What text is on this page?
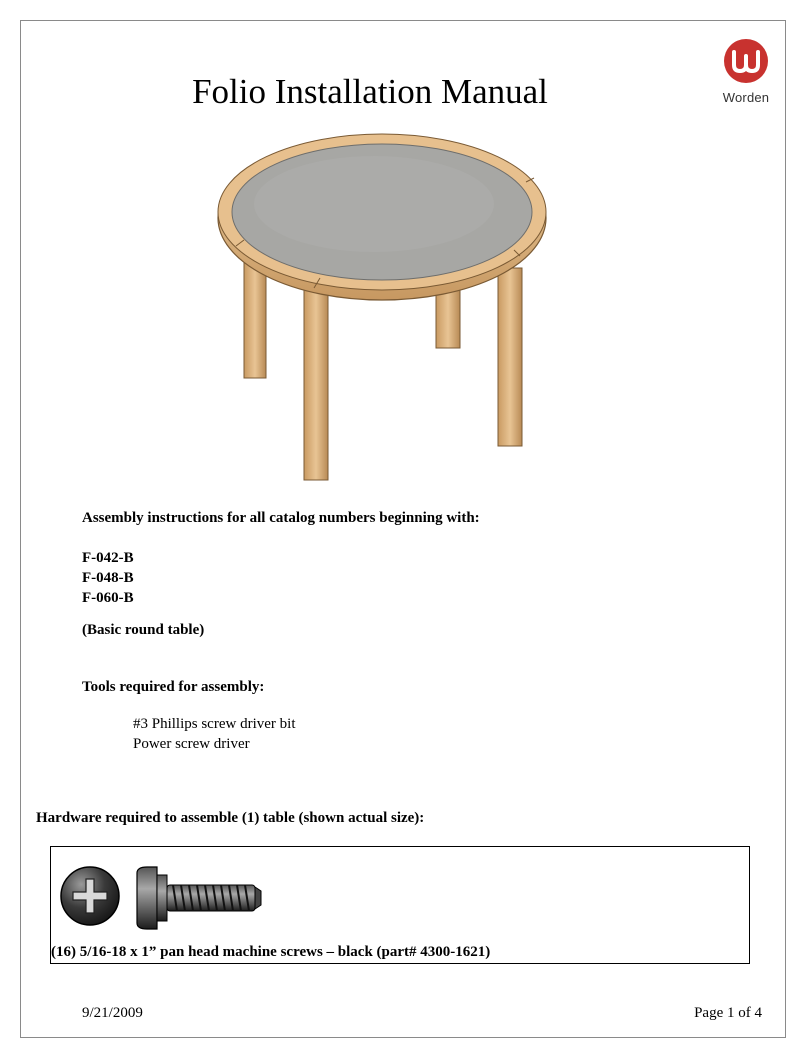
Folio Installation Manual	Worden
Assembly instructions for all catalog numbers beginning with:
F-042-B
F-048-B
F-060-B
(Basic round table)
Tools required for assembly:
#3 Phillips screw driver bit
Power screw driver
Hardware required to assemble (1) table (shown actual size):
(16) 5/16-18 x 1” pan head machine screws – black (part# 4300-1621)
9/21/2009	Page 1 of 4
